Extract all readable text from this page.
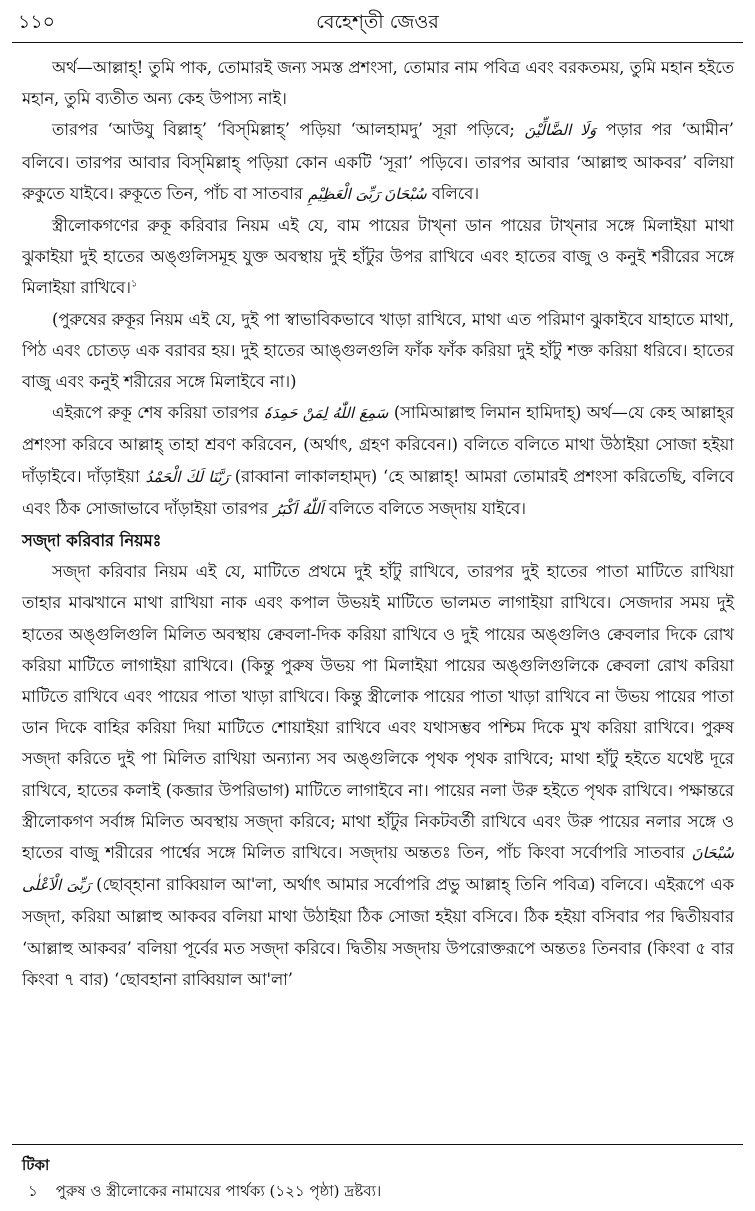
১১০	বেহেশ্‌তী জেওর

অর্থ—আল্লাহ্‌! তুমি পাক, তোমারই জন্য সমস্ত প্রশংসা, তোমার নাম পবিত্র এবং বরকতময়, তুমি মহান হইতে মহান, তুমি ব্যতীত অন্য কেহ উপাস্য নাই।

তারপর ‘আউযু বিল্লাহ্‌’ ‘বিস্‌মিল্লাহ্‌’ পড়িয়া ‘আলহামদু’ সূরা পড়িবে; وَلَا الضَّالِّيْنَ পড়ার পর ‘আমীন’ বলিবে। তারপর আবার বিস্‌মিল্লাহ্‌ পড়িয়া কোন একটি ‘সূরা’ পড়িবে। তারপর আবার ‘আল্লাহু আকবর’ বলিয়া রুকুতে যাইবে। রুকূতে তিন, পাঁচ বা সাতবার سُبْحَانَ رَبِّىَ الْعَظِيْمِ বলিবে।

স্ত্রীলোকগণের রুকূ করিবার নিয়ম এই যে, বাম পায়ের টাখ্‌না ডান পায়ের টাখ্‌নার সঙ্গে মিলাইয়া মাথা ঝুকাইয়া দুই হাতের অঙ্গুলিসমূহ যুক্ত অবস্থায় দুই হাঁটুর উপর রাখিবে এবং হাতের বাজু ও কনুই শরীরের সঙ্গে মিলাইয়া রাখিবে।$^১$

(পুরুষের রুকূর নিয়ম এই যে, দুই পা স্বাভাবিকভাবে খাড়া রাখিবে, মাথা এত পরিমাণ ঝুকাইবে যাহাতে মাথা, পিঠ এবং চোতড় এক বরাবর হয়। দুই হাতের আঙ্গুলগুলি ফাঁক ফাঁক করিয়া দুই হাঁটু শক্ত করিয়া ধরিবে। হাতের বাজু এবং কনুই শরীরের সঙ্গে মিলাইবে না।)

এইরূপে রুকূ শেষ করিয়া তারপর سَمِعَ اللّٰهُ لِمَنْ حَمِدَهٗ (সামিআল্লাহু লিমান হামিদাহ্‌) অর্থ—যে কেহ আল্লাহ্‌র প্রশংসা করিবে আল্লাহ্‌ তাহা শ্রবণ করিবেন, (অর্থাৎ, গ্রহণ করিবেন।) বলিতে বলিতে মাথা উঠাইয়া সোজা হইয়া দাঁড়াইবে। দাঁড়াইয়া رَبَّنَا لَكَ الْحَمْدُ (রাব্বানা লাকালহাম্‌দ) ‘হে আল্লাহ্‌! আমরা তোমারই প্রশংসা করিতেছি, বলিবে এবং ঠিক সোজাভাবে দাঁড়াইয়া তারপর اَللّٰهُ اَكْبَرُ বলিতে বলিতে সজ্‌দায় যাইবে।

সজ্‌দা করিবার নিয়মঃ

সজ্‌দা করিবার নিয়ম এই যে, মাটিতে প্রথমে দুই হাঁটু রাখিবে, তারপর দুই হাতের পাতা মাটিতে রাখিয়া তাহার মাঝখানে মাথা রাখিয়া নাক এবং কপাল উভয়ই মাটিতে ভালমত লাগাইয়া রাখিবে। সেজদার সময় দুই হাতের অঙ্গুলিগুলি মিলিত অবস্থায় ক্বেবলা-দিক করিয়া রাখিবে ও দুই পায়ের অঙ্গুলিও ক্বেবলার দিকে রোখ করিয়া মাটিতে লাগাইয়া রাখিবে। (কিন্তু পুরুষ উভয় পা মিলাইয়া পায়ের অঙ্গুলিগুলিকে ক্বেবলা রোখ করিয়া মাটিতে রাখিবে এবং পায়ের পাতা খাড়া রাখিবে। কিন্তু স্ত্রীলোক পায়ের পাতা খাড়া রাখিবে না উভয় পায়ের পাতা ডান দিকে বাহির করিয়া দিয়া মাটিতে শোয়াইয়া রাখিবে এবং যথাসম্ভব পশ্চিম দিকে মুখ করিয়া রাখিবে। পুরুষ সজ্‌দা করিতে দুই পা মিলিত রাখিয়া অন্যান্য সব অঙ্গুলিকে পৃথক পৃথক রাখিবে; মাথা হাঁটু হইতে যথেষ্ট দূরে রাখিবে, হাতের কলাই (কব্জার উপরিভাগ) মাটিতে লাগাইবে না। পায়ের নলা উরু হইতে পৃথক রাখিবে। পক্ষান্তরে স্ত্রীলোকগণ সর্বাঙ্গ মিলিত অবস্থায় সজ্‌দা করিবে; মাথা হাঁটুর নিকটবর্তী রাখিবে এবং উরু পায়ের নলার সঙ্গে ও হাতের বাজু শরীরের পার্শ্বের সঙ্গে মিলিত রাখিবে। সজ্‌দায় অন্ততঃ তিন, পাঁচ কিংবা সর্বোপরি সাতবার سُبْحَانَ رَبِّىَ الْاَعْلٰى (ছোব্‌হানা রাব্বিয়াল আ'লা, অর্থাৎ আমার সর্বোপরি প্রভু আল্লাহ্‌ তিনি পবিত্র) বলিবে। এইরূপে এক সজ্‌দা, করিয়া আল্লাহু আকবর বলিয়া মাথা উঠাইয়া ঠিক সোজা হইয়া বসিবে। ঠিক হইয়া বসিবার পর দ্বিতীয়বার ‘আল্লাহু আকবর’ বলিয়া পূর্বের মত সজ্‌দা করিবে। দ্বিতীয় সজ্‌দায় উপরোক্তরূপে অন্ততঃ তিনবার (কিংবা ৫ বার কিংবা ৭ বার) ‘ছোবহানা রাব্বিয়াল আ'লা’

টিকা
১ পুরুষ ও স্ত্রীলোকের নামাযের পার্থক্য (১২১ পৃষ্ঠা) দ্রষ্টব্য।
